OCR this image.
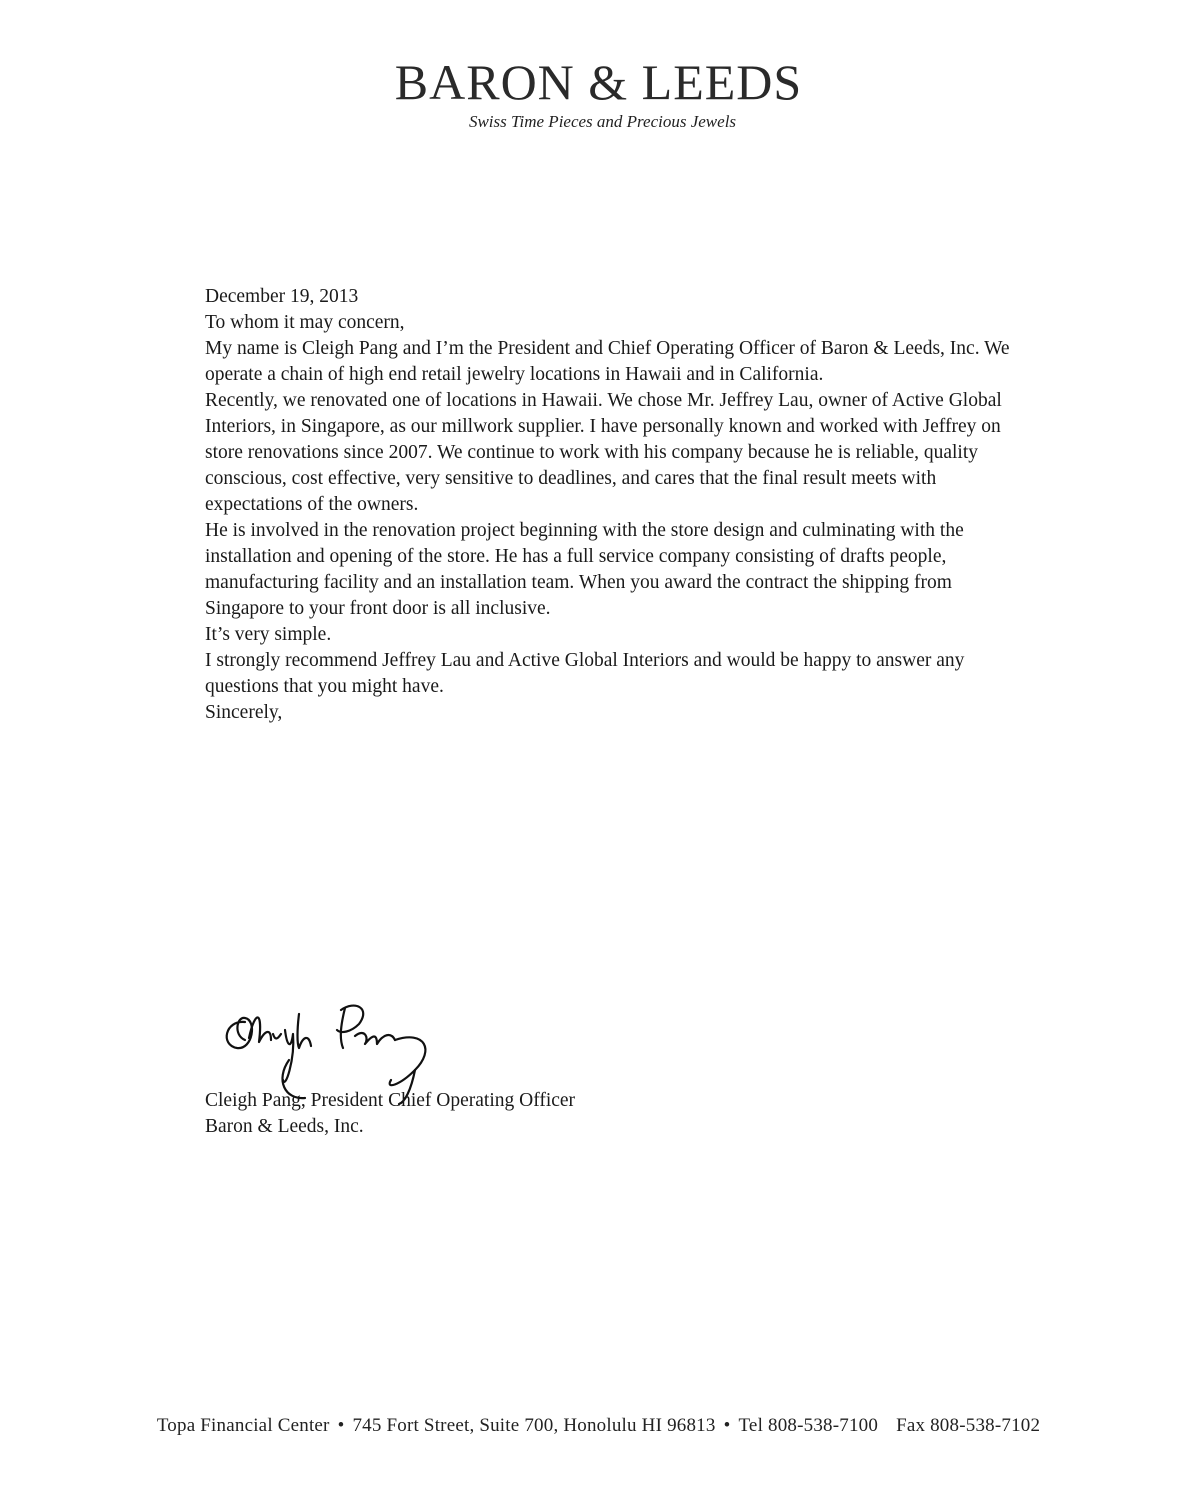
BARON & LEEDS
Swiss Time Pieces and Precious Jewels

December 19, 2013

To whom it may concern,

My name is Cleigh Pang and I’m the President and Chief Operating Officer of Baron & Leeds, Inc. We operate a chain of high end retail jewelry locations in Hawaii and in California.

Recently, we renovated one of locations in Hawaii. We chose Mr. Jeffrey Lau, owner of Active Global Interiors, in Singapore, as our millwork supplier. I have personally known and worked with Jeffrey on store renovations since 2007. We continue to work with his company because he is reliable, quality conscious, cost effective, very sensitive to deadlines, and cares that the final result meets with expectations of the owners.

He is involved in the renovation project beginning with the store design and culminating with the installation and opening of the store. He has a full service company consisting of drafts people, manufacturing facility and an installation team. When you award the contract the shipping from Singapore to your front door is all inclusive.

It’s very simple.

I strongly recommend Jeffrey Lau and Active Global Interiors and would be happy to answer any questions that you might have.

Sincerely,

Cleigh Pang, President Chief Operating Officer
Baron & Leeds, Inc.
Topa Financial Center • 745 Fort Street, Suite 700, Honolulu HI 96813 • Tel 808-538-7100 Fax 808-538-7102
